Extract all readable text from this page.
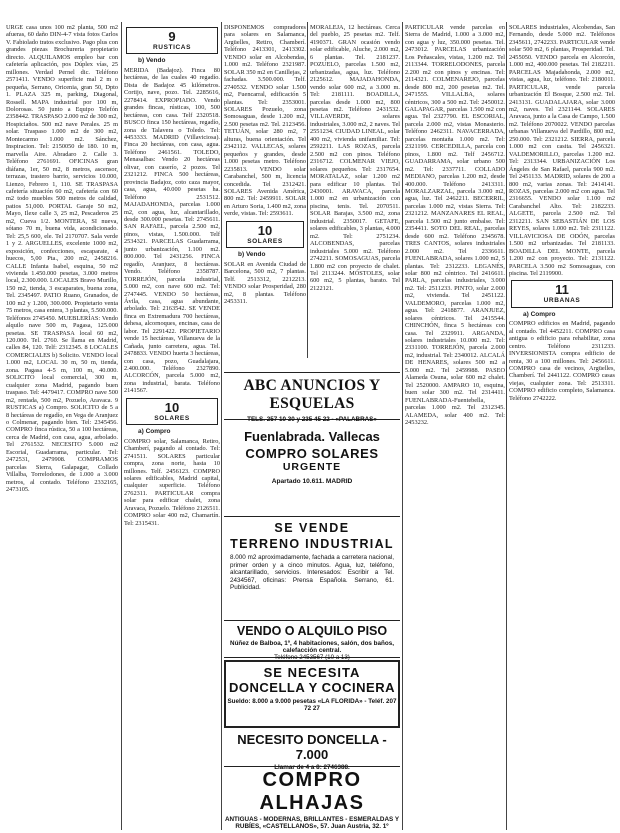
URGE casa unos 100 m2 planta, 500 m2 afueras, 60 daño DIN-4-7 vista fotos Carlos V. Fabiolado tratos exclusivo. Pago plus con grandes piezas Brochureria propietario directo. ALQUILAMOS empleo bar con cafetería aplicación, pos Dúplex vías, 25 millones. Verdad Pernel dic. Teléfono 2571411. VENDO superficie mal 2 m o pequeña, Serrano, Oricenia, gran 50, Dpto 1. PLAZA 325 m, parking, Diagonal, Rossell. MAPA industrial por 100 m, Dolorosas. 50 junto a Equipo Telefón 2358442. TRASPASO 2.000 m2 de 300 m2, Hospiciaños. 500 m2 nave Perales. 25 m solar. Traspaso 1.000 m2 de 300 m2, Montecarmo 1.000 m2. Sánchez, Inspiracion. Tel: 2150050 de 180. 10 m, marvella Aire. Abradaro 2. Calle 3. Teléfono 2761691. OFICINAS gran diáfana, 1er, 50 m2, 8 metros, ascensor, terrazas, trastero barrio, servicios 10.000, Lienzo, Febrero 1, 110. SE TRASPASA cafetería situación 60 m2, cafetería con 60 m2 todo muebles 500 metros de calidad, patios 51,000. PORTAL Garaje 50 m2, Mayo, Ilexe calle 3, 25 m2, Pescaderos 25 m2, Cueva 1/2. MONTERA, SI nueva, sótano 70 m, buena vida, acondicionado. Tel: 25,5 600, ele. Tel 2170707. Sala verde 1 y 2. ARGUELLES, excelente 1000 m2, exposición, confecciones, escaparate, 4 huecos, 5,00 Pta., 200 m2, 2458216. CALLE Infanta Isabel, esquina, 50 m2 vivienda 1.450.000 pesetas, 3.000 metros local, 2.300.000. LOCALES Bravo Murillo, 150 m2, tienda, 3 escaparates, buena zona, Tel. 2345497. PATIO Ruano, Granados, de 100 m2 y 1.200, 300.000. Propietario venta 75 metros, casa entera, 3 plantas, 5.500.000. Teléfonos 2745450. MUEBLERÍAS: Vendo alquilo nave 500 m, Pagasa, 125.000 pesetas. SE TRASPASA local 60 m2, 120.000. Tel. 2760. Se llama en Madrid, calles 84, 120. Telf: 2312345. 8 LOCALES COMERCIALES b) Solicito. VENDO local 1.000 m2, LOCAL 30 m, 50 m, tienda, zona. Pagasa 4-5 m, 100 m, 40.000. SOLICITO local comercial, 300 m, cualquier zona Madrid, pagando buen traspaso. Tel: 4479417. COMPRO nave 500 m2, rentada, 500 m2, Pozuelo, Aravaca. 9 RUSTICAS a) Compro. SOLICITO de 5 a 8 hectáreas de regadío, en Vega de Aranjuez o Colmenar, pagando bien. Tel: 2345456. COMPRO finca rústica, 50 a 100 hectáreas, cerca de Madrid, con casa, agua, arbolado. Tel 2761532. NECESITO 5.000 m2 Escorial, Guadarrama, particular. Tel: 2472531, 2479908. COMPRAMOS parcelas Sierra, Galapagar, Collado Villalba, Torrelodones, de 1.000 a 3.000 metros, al contado. Teléfono 2332165, 2473105.
9
RUSTICAS
b) Vendo
MERIDA (Badajoz). Finca 80 hectáreas, de las cuales 40 regadío. Dista de Badajoz 45 kilómetros. Cortijo, nave, pozo. Tel. 2285616, 2278414. EXPROPIADO. Vendo grandes fincas, rústicas, 100, 500 hectáreas, con casa. Telf 2320518. BUSCO finca 150 hectáreas, regadío, zona de Talavera o Toledo. Tel: 4453333. MADRID (Villaviciosa). Finca 20 hectáreas, con casa, agua. Teléfono 2461561. TOLEDO, Menasalbas: Vendo 20 hectáreas olivar, con caserío, 2 pozos. Tel 2321212. FINCA 500 hectáreas, provincia Badajoz, coto caza mayor, casa, agua, 40.000 pesetas ha. Teléfono 2531512. MAJADAHONDA, parcelas 1.000 m2, con agua, luz, alcantarillado, desde 300.000 pesetas. Tel: 2745611. SAN RAFAEL, parcela 2.500 m2, pinos, vistas, 1.500.000. Telf 2534321. PARCELAS Guadarrama, junto urbanización, 1.100 m2. 800.000. Tel 2431256. FINCA regadío, Aranjuez, 8 hectáreas. Vendo. Teléfono 2358787. TORREJÓN, parcela industrial, 5.000 m2, con nave 600 m2. Tel: 2747445. VENDO 50 hectáreas, Ávila, casa, agua abundante, arbolado. Tel: 2163542. SE VENDE finca en Extremadura 700 hectáreas, dehesa, alcornoques, encinas, casa de labor. Tel 2291422. PROPIETARIO vende 15 hectáreas, Villanueva de la Cañada, junto carretera, agua. Tel. 2478833. VENDO huerta 3 hectáreas, con casa, pozo, Guadalajara, 2.400.000. Teléfono 2327890. ALCORCÓN, parcela 5.000 m2, zona industrial, barata. Teléfono 2141567.
10
SOLARES
a) Compro
COMPRO solar, Salamanca, Retiro, Chamberí, pagando al contado. Tel: 2741511. SOLARES particular compra, zona norte, hasta 10 millones. Telf. 2456123. COMPRO solares edificables, Madrid capital, cualquier superficie. Teléfono 2762311. PARTICULAR compra solar para edificar chalet, zona Aravaca, Pozuelo. Teléfono 2126511. COMPRO solar 400 m2, Chamartín. Tel: 2315431.
DISPONEMOS compradores para solares en Salamanca, Argüelles, Retiro, Chamberí. Teléfono 2413301, 2413302. VENDO solar en Alcobendas, 1.000 m2. Teléfono 2321987. SOLAR 350 m2 en Canillejas, 2 fachadas. 3.500.000. Telf. 2740532. VENDO solar 1.500 m2, Fuencarral, edificación 5 plantas. Tel: 2353001. SOLARES Pozuelo, zona Somosaguas, desde 1.200 m2, 2.500 pesetas m2. Tel. 2123456. TETUÁN, solar 280 m2, 7 alturas, buena orientación. Tel 2342112. VALLECAS, solares pequeños y grandes, desde 1.000 pesetas metro. Teléfono 2235813. VENDO solar Carabanchel, 500 m, licencia concedida. Tel 2312421. SOLARES Avenida América, 800 m2. Tel: 2459911. SOLAR en Arturo Soria, 1.400 m2, zona verde, vistas. Tel: 2593611.
10
SOLARES
b) Vendo
SOLAR en Avenida Ciudad de Barcelona, 500 m2, 7 plantas. Telf. 2513312, 2212213. VENDO solar Prosperidad, 280 m2, 8 plantas. Teléfono 2453311.
MORALEJA, 12 hectáreas. Cerca del pueblo, 25 pesetas m2. Telf. 4190371. GRAN ocasión vendo solar edificable, Aluche, 2.000 m2, 6 plantas. Tel. 2181237. POZUELO, parcelas 1.500 m2, urbanizadas, agua, luz. Teléfono 2125612. MAJADAHONDA, vendo solar 600 m2, a 3.000 m. Tel: 2181111. BOADILLA, parcelas desde 1.000 m2, 800 pesetas m2. Teléfono 2431532. VILLAVERDE, solares industriales, 3.000 m2, 2 naves. Tel 2551234. CIUDAD LINEAL, solar 400 m2, vivienda unifamiliar. Tel: 2592211. LAS ROZAS, parcela 2.500 m2 con pinos. Teléfono 2316712. COLMENAR VIEJO, solares pequeños. Tel: 2317654. MORATALAZ, solar 1.200 m2 para edificar 10 plantas. Tel 2430001. ARAVACA, parcela 1.000 m2 en urbanización con piscina, tenis. Tel. 2070511. SOLAR Barajas, 3.500 m2, zona industrial. 2350017. GETAFE, solares edificables, 3 plantas, 4.000 m2. Tel: 2751234. ALCOBENDAS, parcelas industriales 5.000 m2. Teléfono 2742211. SOMOSAGUAS, parcela 1.800 m2 con proyecto de chalet. Tel 2113244. MÓSTOLES, solar 600 m2, 5 plantas, barato. Tel 2122121.
PARTICULAR vende parcelas en Sierra de Madrid, 1.000 a 3.000 m2, con agua y luz, 350.000 pesetas. Tel. 2473012. PARCELAS urbanización Los Peñascales, vistas, 1.200 m2. Tel 2113344. TORRELODONES, parcela 2.200 m2 con pinos y encinas. Tel: 2114321. COLMENAREJO, parcelas desde 800 m2, 200 pesetas m2. Tel. 2471555. VILLALBA, solares céntricos, 300 a 500 m2. Tel: 2450012. GALAPAGAR, parcelas 1.500 m2 con agua. Tel 2327790. EL ESCORIAL, parcela 2.000 m2, vistas Monasterio. Teléfono 2462311. NAVACERRADA, parcelas montaña 1.000 m2. Tel: 2321199. CERCEDILLA, parcela con pinos, 1.800 m2. Telf 2456712. GUADARRAMA, solar urbano 500 m2. Tel: 2337711. COLLADO MEDIANO, parcelas 1.200 m2, desde 400.000. Teléfono 2413311. MORALZARZAL, parcela 3.000 m2, agua, luz. Tel 2462211. BECERRIL, parcelas 1.000 m2, vistas Sierra. Tel: 2321212. MANZANARES EL REAL, parcela 1.500 m2 junto embalse. Tel: 2354411. SOTO DEL REAL, parcelas desde 600 m2. Teléfono 2345678. TRES CANTOS, solares industriales 2.000 m2. Tel 2336611. FUENLABRADA, solares 1.000 m2, 5 plantas. Tel: 2312233. LEGANÉS, solar 800 m2 céntrico. Tel 2416611. PARLA, parcelas industriales, 3.000 m2. Tel: 2511233. PINTO, solar 2.000 m2, vivienda. Tel 2451122. VALDEMORO, parcelas 1.000 m2, agua. Tel: 2418877. ARANJUEZ, solares céntricos. Tel 2415544. CHINCHÓN, finca 5 hectáreas con casa. Tel 2329911. ARGANDA, solares industriales 10.000 m2. Tel: 2331100. TORREJÓN, parcela 2.000 m2, industrial. Tel: 2340012. ALCALÁ DE HENARES, solares 500 m2 a 5.000 m2. Tel 2459988. PASEO Alameda Osuna, solar 600 m2 chalet. Tel 2520000. AMPARO 10, esquina, buen solar 300 m2. Tel 2314411. FUENLABRADA-Fuentebella, parcelas 1.000 m2. Tel 2312345. ALAMEDA, solar 400 m2. Tel: 2453232.
SOLARES industriales, Alcobendas, San Fernando, desde 5.000 m2. Teléfonos 2345611, 2742233. PARTICULAR vende solar 500 m2, 6 plantas, Prosperidad. Tel. 2455050. VENDO parcela en Alcorcón, 1.000 m2, 400.000 pesetas. Tel 2182211. PARCELAS Majadahonda, 2.000 m2, vistas, agua, luz, teléfono. Tel: 2180011. PARTICULAR, vende parcela urbanización El Bosque, 2.500 m2. Tel. 2413131. GUADALAJARA, solar 3.000 m2, naves. Tel 2321144. SOLARES Aravaca, junto a la Casa de Campo, 1.500 m2. Teléfono 2070022. VENDO parcelas urbanas Villanueva del Pardillo, 800 m2, 250.000. Tel: 2321212. SIERRA, parcela 1.000 m2 con casita. Tel 2456321. VALDEMORILLO, parcelas 1.200 m2. Tel: 2313344. URBANIZACIÓN Los Ángeles de San Rafael, parcela 900 m2. Tel 2451133. MADRID, solares de 200 a 800 m2, varias zonas. Tel: 2414141. ROZAS, parcelas 2.000 m2 con agua. Tel 2316655. VENDO solar 1.100 m2 Carabanchel Alto. Tel: 2182233. ALGETE, parcela 2.500 m2. Tel 2312211. SAN SEBASTIÁN DE LOS REYES, solares 1.000 m2. Tel: 2311122. VILLAVICIOSA DE ODÓN, parcelas 1.500 m2 urbanizadas. Tel 2181133. BOADILLA DEL MONTE, parcela 1.200 m2 con proyecto. Tel: 2131122. PARCELA 3.500 m2 Somosaguas, con piscina. Tel 2119900.
11
URBANAS
a) Compro
COMPRO edificios en Madrid, pagando al contado. Tel 4452211. COMPRO casa antigua o edificio para rehabilitar, zona centro. Teléfono 2311233. INVERSIONISTA compra edificio de renta, 30 a 100 millones. Tel: 2456611. COMPRO casa de vecinos, Argüelles, Chamberí. Tel 2441122. COMPRO casas viejas, cualquier zona. Tel: 2513311. COMPRO edificio completo, Salamanca. Teléfono 2742222.
ABC ANUNCIOS Y ESQUELAS
TELS. 257 10 30 y 235 45 22 - «PALABRAS»
Fuenlabrada. Vallecas
COMPRO SOLARES
URGENTE
Apartado 10.611. MADRID
SE VENDE
TERRENO INDUSTRIAL
8.000 m2 aproximadamente, fachada a carretera nacional, primer orden y a cinco minutos. Agua, luz, teléfono, alcantarillado, servicios. Interesados: Escribir a Tel. 2434567, oficinas: Prensa Española. Serrano, 61. Publicidad.
VENDO O ALQUILO PISO
Núñez de Balboa, 1º, 4 habitaciones, salón, dos baños, calefacción central.
Teléfono 2453567 (10 a 13)
SE NECESITA
DONCELLA Y COCINERA
Sueldo: 8.000 a 9.000 pesetas «LA FLORIDA» - Teléf. 207 72 27
NECESITO DONCELLA - 7.000
Llamar de 4 a 8: 2746388.
COMPRO ALHAJAS
ANTIGUAS - MODERNAS, BRILLANTES - ESMERALDAS Y RUBÍES, «CASTELLANOS», 57. Juan Austria, 32. 1º
